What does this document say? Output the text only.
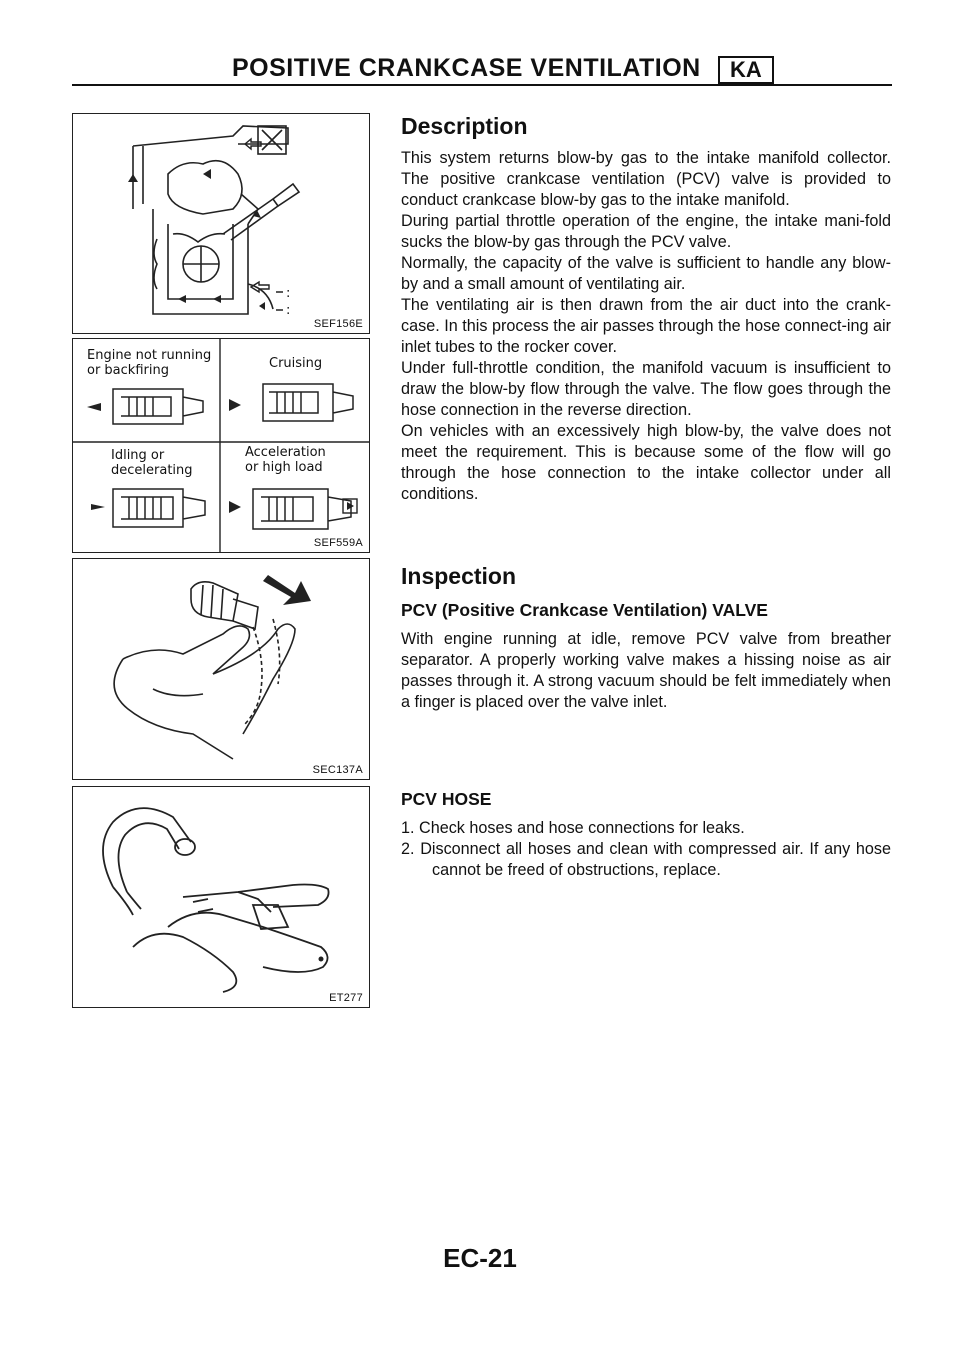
POSITIVE CRANKCASE VENTILATION	KA
:
:
SEF156E
Engine not running
or backfiring	Cruising
Idling or
decelerating
Acceleration
or high load
SEF559A
SEC137A
ET277
Description

This system returns blow-by gas to the intake manifold collector. The positive crankcase ventilation (PCV) valve is provided to conduct crankcase blow-by gas to the intake manifold.

During partial throttle operation of the engine, the intake mani-fold sucks the blow-by gas through the PCV valve.

Normally, the capacity of the valve is sufficient to handle any blow-by and a small amount of ventilating air.

The ventilating air is then drawn from the air duct into the crank-case. In this process the air passes through the hose connect-ing air inlet tubes to the rocker cover.

Under full-throttle condition, the manifold vacuum is insufficient to draw the blow-by flow through the valve. The flow goes through the hose connection in the reverse direction.

On vehicles with an excessively high blow-by, the valve does not meet the requirement. This is because some of the flow will go through the hose connection to the intake collector under all conditions.

Inspection
PCV (Positive Crankcase Ventilation) VALVE

With engine running at idle, remove PCV valve from breather separator. A properly working valve makes a hissing noise as air passes through it. A strong vacuum should be felt immediately when a finger is placed over the valve inlet.

PCV HOSE
1. Check hoses and hose connections for leaks.
2. Disconnect all hoses and clean with compressed air. If any hose cannot be freed of obstructions, replace.
EC-21
